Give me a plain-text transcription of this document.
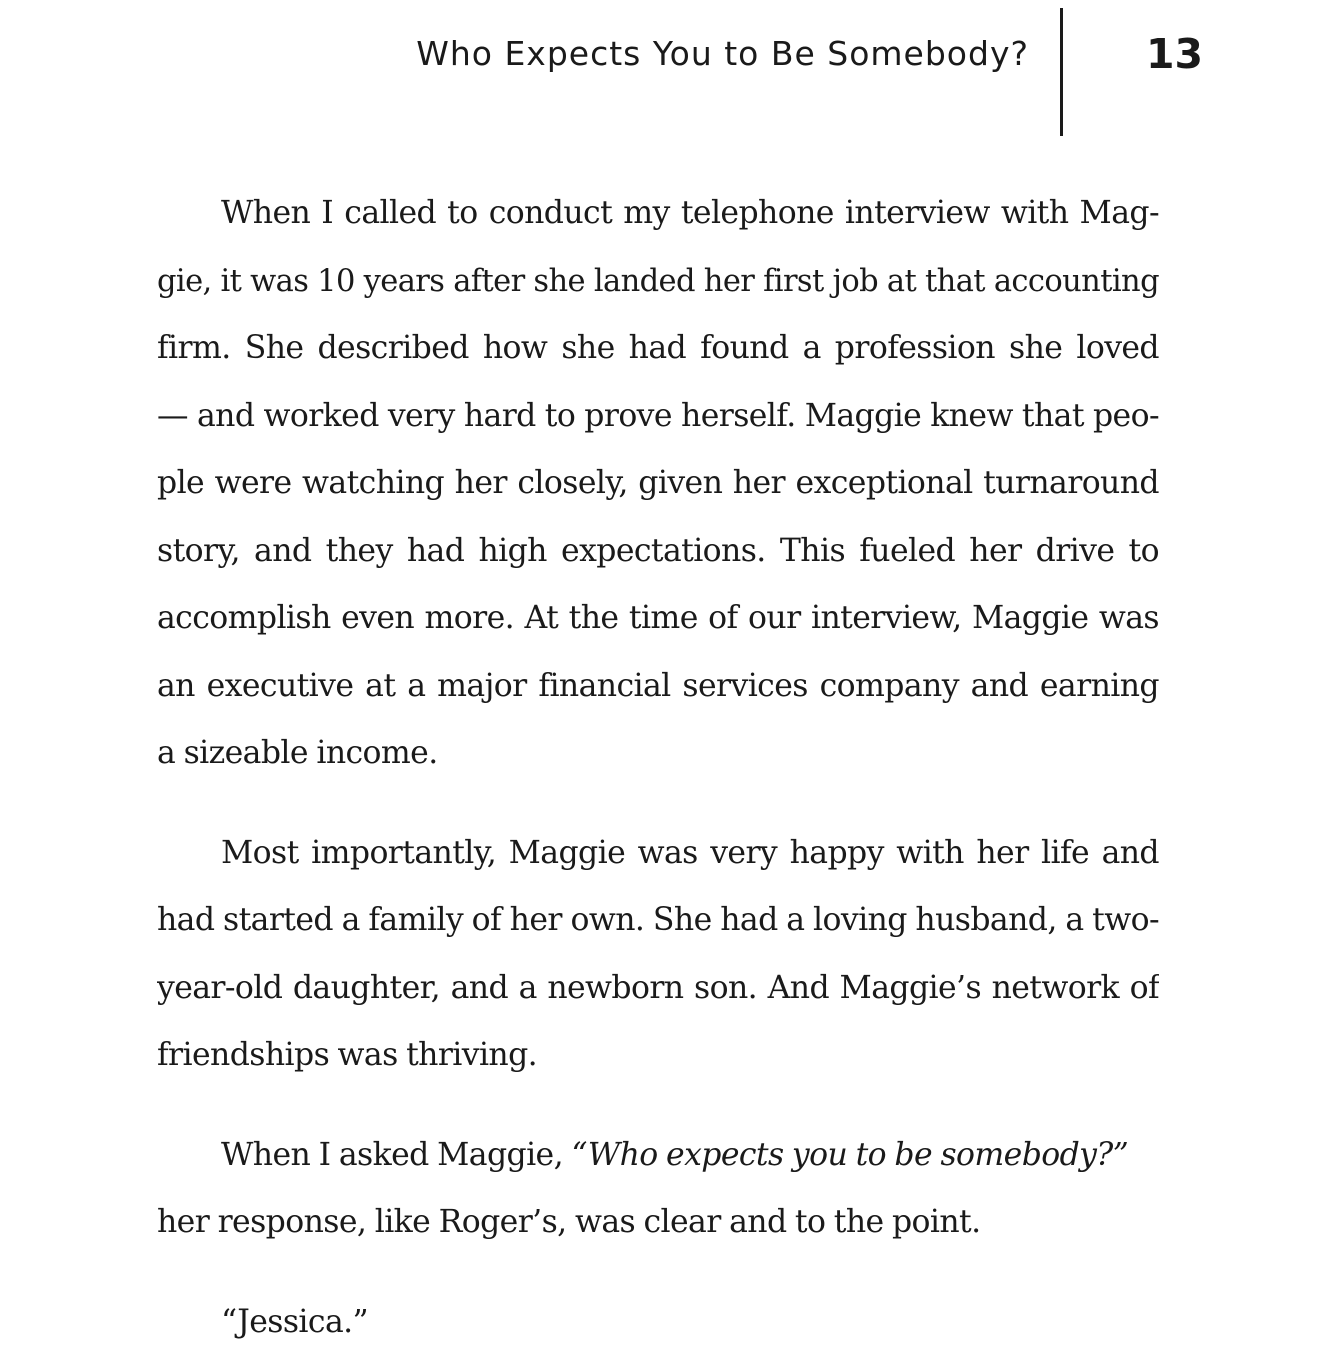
Who Expects You to Be Somebody?	13
When I called to conduct my telephone interview with Mag-
gie, it was 10 years after she landed her first job at that accounting
firm. She described how she had found a profession she loved
— and worked very hard to prove herself. Maggie knew that peo-
ple were watching her closely, given her exceptional turnaround
story, and they had high expectations. This fueled her drive to
accomplish even more. At the time of our interview, Maggie was
an executive at a major financial services company and earning
a sizeable income.
Most importantly, Maggie was very happy with her life and
had started a family of her own. She had a loving husband, a two-
year-old daughter, and a newborn son. And Maggie’s network of
friendships was thriving.
When I asked Maggie, “Who expects you to be somebody?”
her response, like Roger’s, was clear and to the point.
“Jessica.”
